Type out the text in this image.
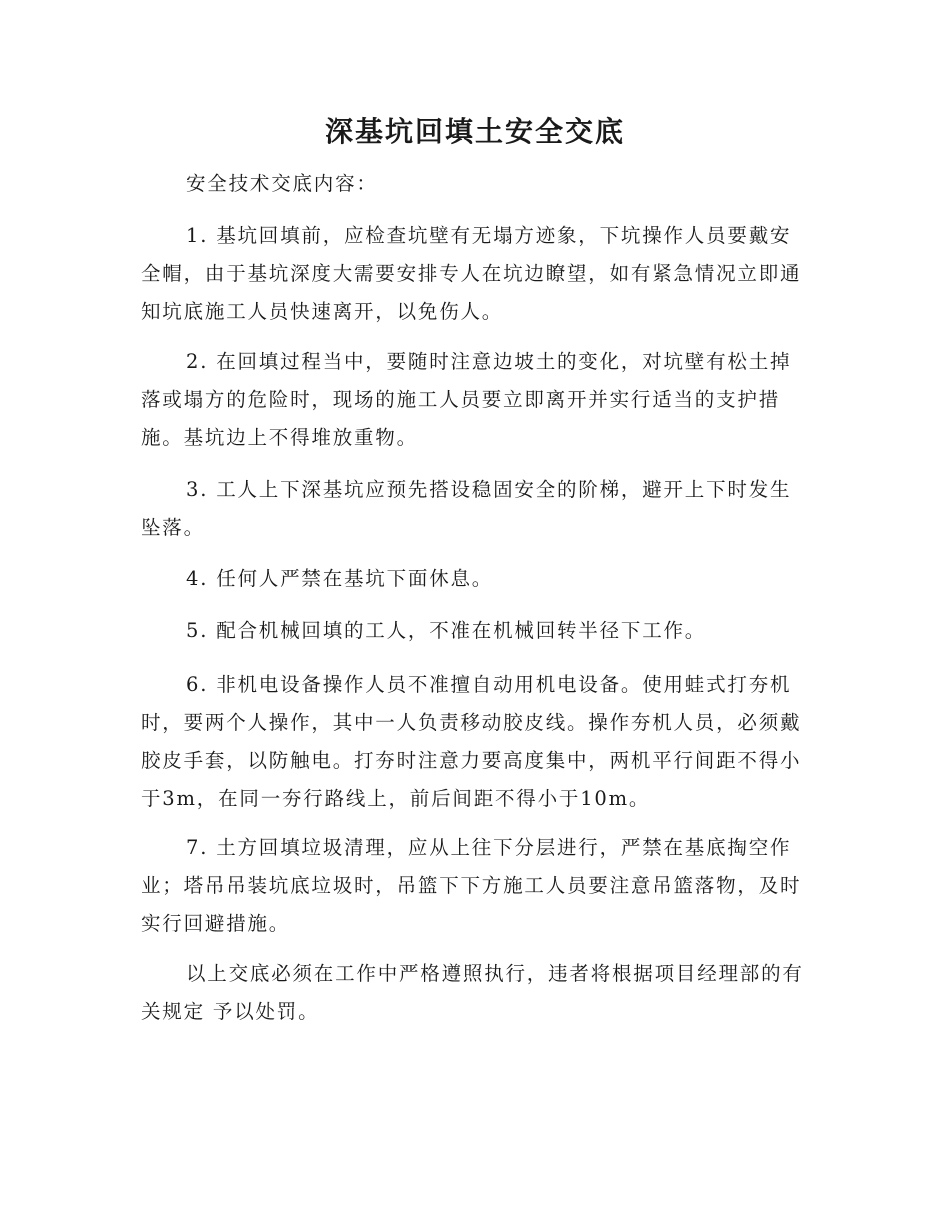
深基坑回填土安全交底

安全技术交底内容：

1. 基坑回填前，应检查坑壁有无塌方迹象，下坑操作人员要戴安全帽，由于基坑深度大需要安排专人在坑边瞭望，如有紧急情况立即通知坑底施工人员快速离开，以免伤人。

2. 在回填过程当中，要随时注意边坡土的变化，对坑壁有松土掉落或塌方的危险时，现场的施工人员要立即离开并实行适当的支护措施。基坑边上不得堆放重物。

3. 工人上下深基坑应预先搭设稳固安全的阶梯，避开上下时发生坠落。

4. 任何人严禁在基坑下面休息。

5. 配合机械回填的工人，不准在机械回转半径下工作。

6. 非机电设备操作人员不准擅自动用机电设备。使用蛙式打夯机时，要两个人操作，其中一人负责移动胶皮线。操作夯机人员，必须戴胶皮手套，以防触电。打夯时注意力要高度集中，两机平行间距不得小于3m，在同一夯行路线上，前后间距不得小于10m。

7. 土方回填垃圾清理，应从上往下分层进行，严禁在基底掏空作业；塔吊吊装坑底垃圾时，吊篮下下方施工人员要注意吊篮落物，及时实行回避措施。

以上交底必须在工作中严格遵照执行，违者将根据项目经理部的有关规定 予以处罚。
